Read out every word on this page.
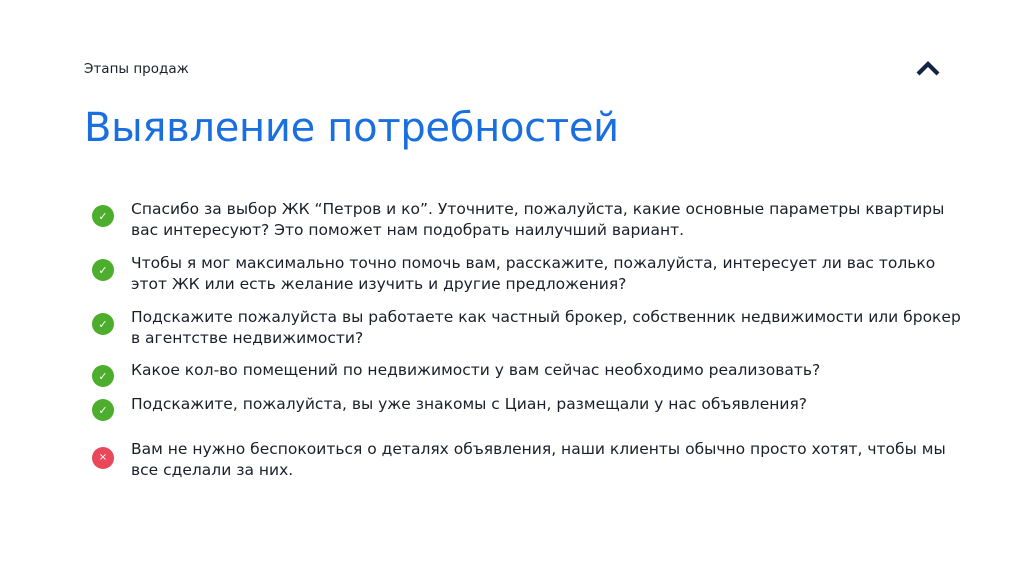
Этапы продаж
Выявление потребностей
✓	Спасибо за выбор ЖК “Петров и ко”. Уточните, пожалуйста, какие основные параметры квартиры вас интересуют? Это поможет нам подобрать наилучший вариант.

✓	Чтобы я мог максимально точно помочь вам, расскажите, пожалуйста, интересует ли вас только этот ЖК или есть желание изучить и другие предложения?

✓	Подскажите пожалуйста вы работаете как частный брокер, собственник недвижимости или брокер в агентстве недвижимости?

✓	Какое кол-во помещений по недвижимости у вам сейчас необходимо реализовать?

✓	Подскажите, пожалуйста, вы уже знакомы с Циан, размещали у нас объявления?

×	Вам не нужно беспокоиться о деталях объявления, наши клиенты обычно просто хотят, чтобы мы все сделали за них.
